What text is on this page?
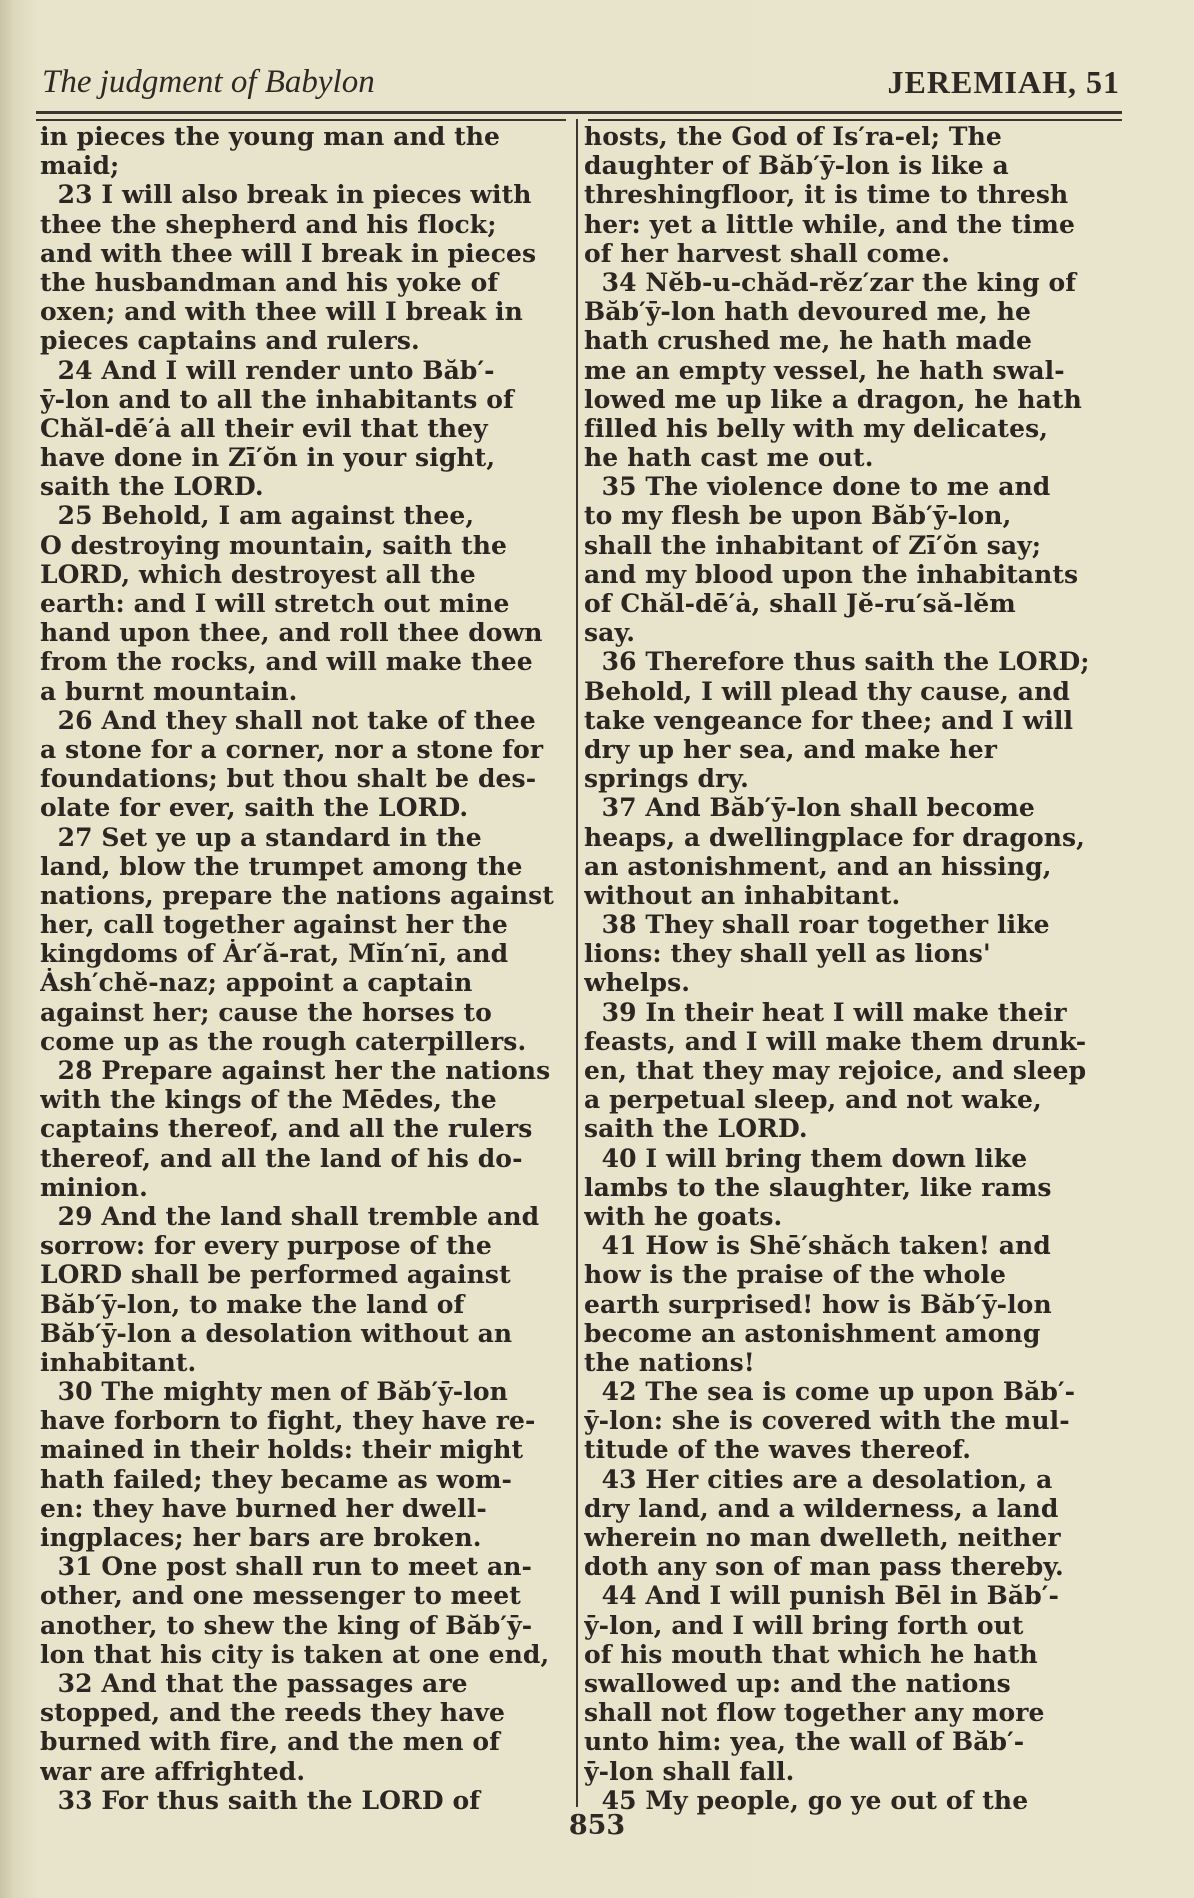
The judgment of Babylon	JEREMIAH, 51
in pieces the young man and the
maid;
23 I will also break in pieces with
thee the shepherd and his flock;
and with thee will I break in pieces
the husbandman and his yoke of
oxen; and with thee will I break in
pieces captains and rulers.
24 And I will render unto Băb′-
ȳ-lon and to all the inhabitants of
Chăl-dē′ȧ all their evil that they
have done in Zī′ŏn in your sight,
saith the LORD.
25 Behold, I am against thee,
O destroying mountain, saith the
LORD, which destroyest all the
earth: and I will stretch out mine
hand upon thee, and roll thee down
from the rocks, and will make thee
a burnt mountain.
26 And they shall not take of thee
a stone for a corner, nor a stone for
foundations; but thou shalt be des-
olate for ever, saith the LORD.
27 Set ye up a standard in the
land, blow the trumpet among the
nations, prepare the nations against
her, call together against her the
kingdoms of Ȧr′ă-rat, Mĭn′nī, and
Ȧsh′chĕ-naz; appoint a captain
against her; cause the horses to
come up as the rough caterpillers.
28 Prepare against her the nations
with the kings of the Mēdes, the
captains thereof, and all the rulers
thereof, and all the land of his do-
minion.
29 And the land shall tremble and
sorrow: for every purpose of the
LORD shall be performed against
Băb′ȳ-lon, to make the land of
Băb′ȳ-lon a desolation without an
inhabitant.
30 The mighty men of Băb′ȳ-lon
have forborn to fight, they have re-
mained in their holds: their might
hath failed; they became as wom-
en: they have burned her dwell-
ingplaces; her bars are broken.
31 One post shall run to meet an-
other, and one messenger to meet
another, to shew the king of Băb′ȳ-
lon that his city is taken at one end,
32 And that the passages are
stopped, and the reeds they have
burned with fire, and the men of
war are affrighted.
33 For thus saith the LORD of
hosts, the God of Is′ra-el; The
daughter of Băb′ȳ-lon is like a
threshingfloor, it is time to thresh
her: yet a little while, and the time
of her harvest shall come.
34 Nĕb-u-chăd-rĕz′zar the king of
Băb′ȳ-lon hath devoured me, he
hath crushed me, he hath made
me an empty vessel, he hath swal-
lowed me up like a dragon, he hath
filled his belly with my delicates,
he hath cast me out.
35 The violence done to me and
to my flesh be upon Băb′ȳ-lon,
shall the inhabitant of Zī′ŏn say;
and my blood upon the inhabitants
of Chăl-dē′ȧ, shall Jĕ-ru′să-lĕm
say.
36 Therefore thus saith the LORD;
Behold, I will plead thy cause, and
take vengeance for thee; and I will
dry up her sea, and make her
springs dry.
37 And Băb′ȳ-lon shall become
heaps, a dwellingplace for dragons,
an astonishment, and an hissing,
without an inhabitant.
38 They shall roar together like
lions: they shall yell as lions'
whelps.
39 In their heat I will make their
feasts, and I will make them drunk-
en, that they may rejoice, and sleep
a perpetual sleep, and not wake,
saith the LORD.
40 I will bring them down like
lambs to the slaughter, like rams
with he goats.
41 How is Shē′shăch taken! and
how is the praise of the whole
earth surprised! how is Băb′ȳ-lon
become an astonishment among
the nations!
42 The sea is come up upon Băb′-
ȳ-lon: she is covered with the mul-
titude of the waves thereof.
43 Her cities are a desolation, a
dry land, and a wilderness, a land
wherein no man dwelleth, neither
doth any son of man pass thereby.
44 And I will punish Bēl in Băb′-
ȳ-lon, and I will bring forth out
of his mouth that which he hath
swallowed up: and the nations
shall not flow together any more
unto him: yea, the wall of Băb′-
ȳ-lon shall fall.
45 My people, go ye out of the
853
